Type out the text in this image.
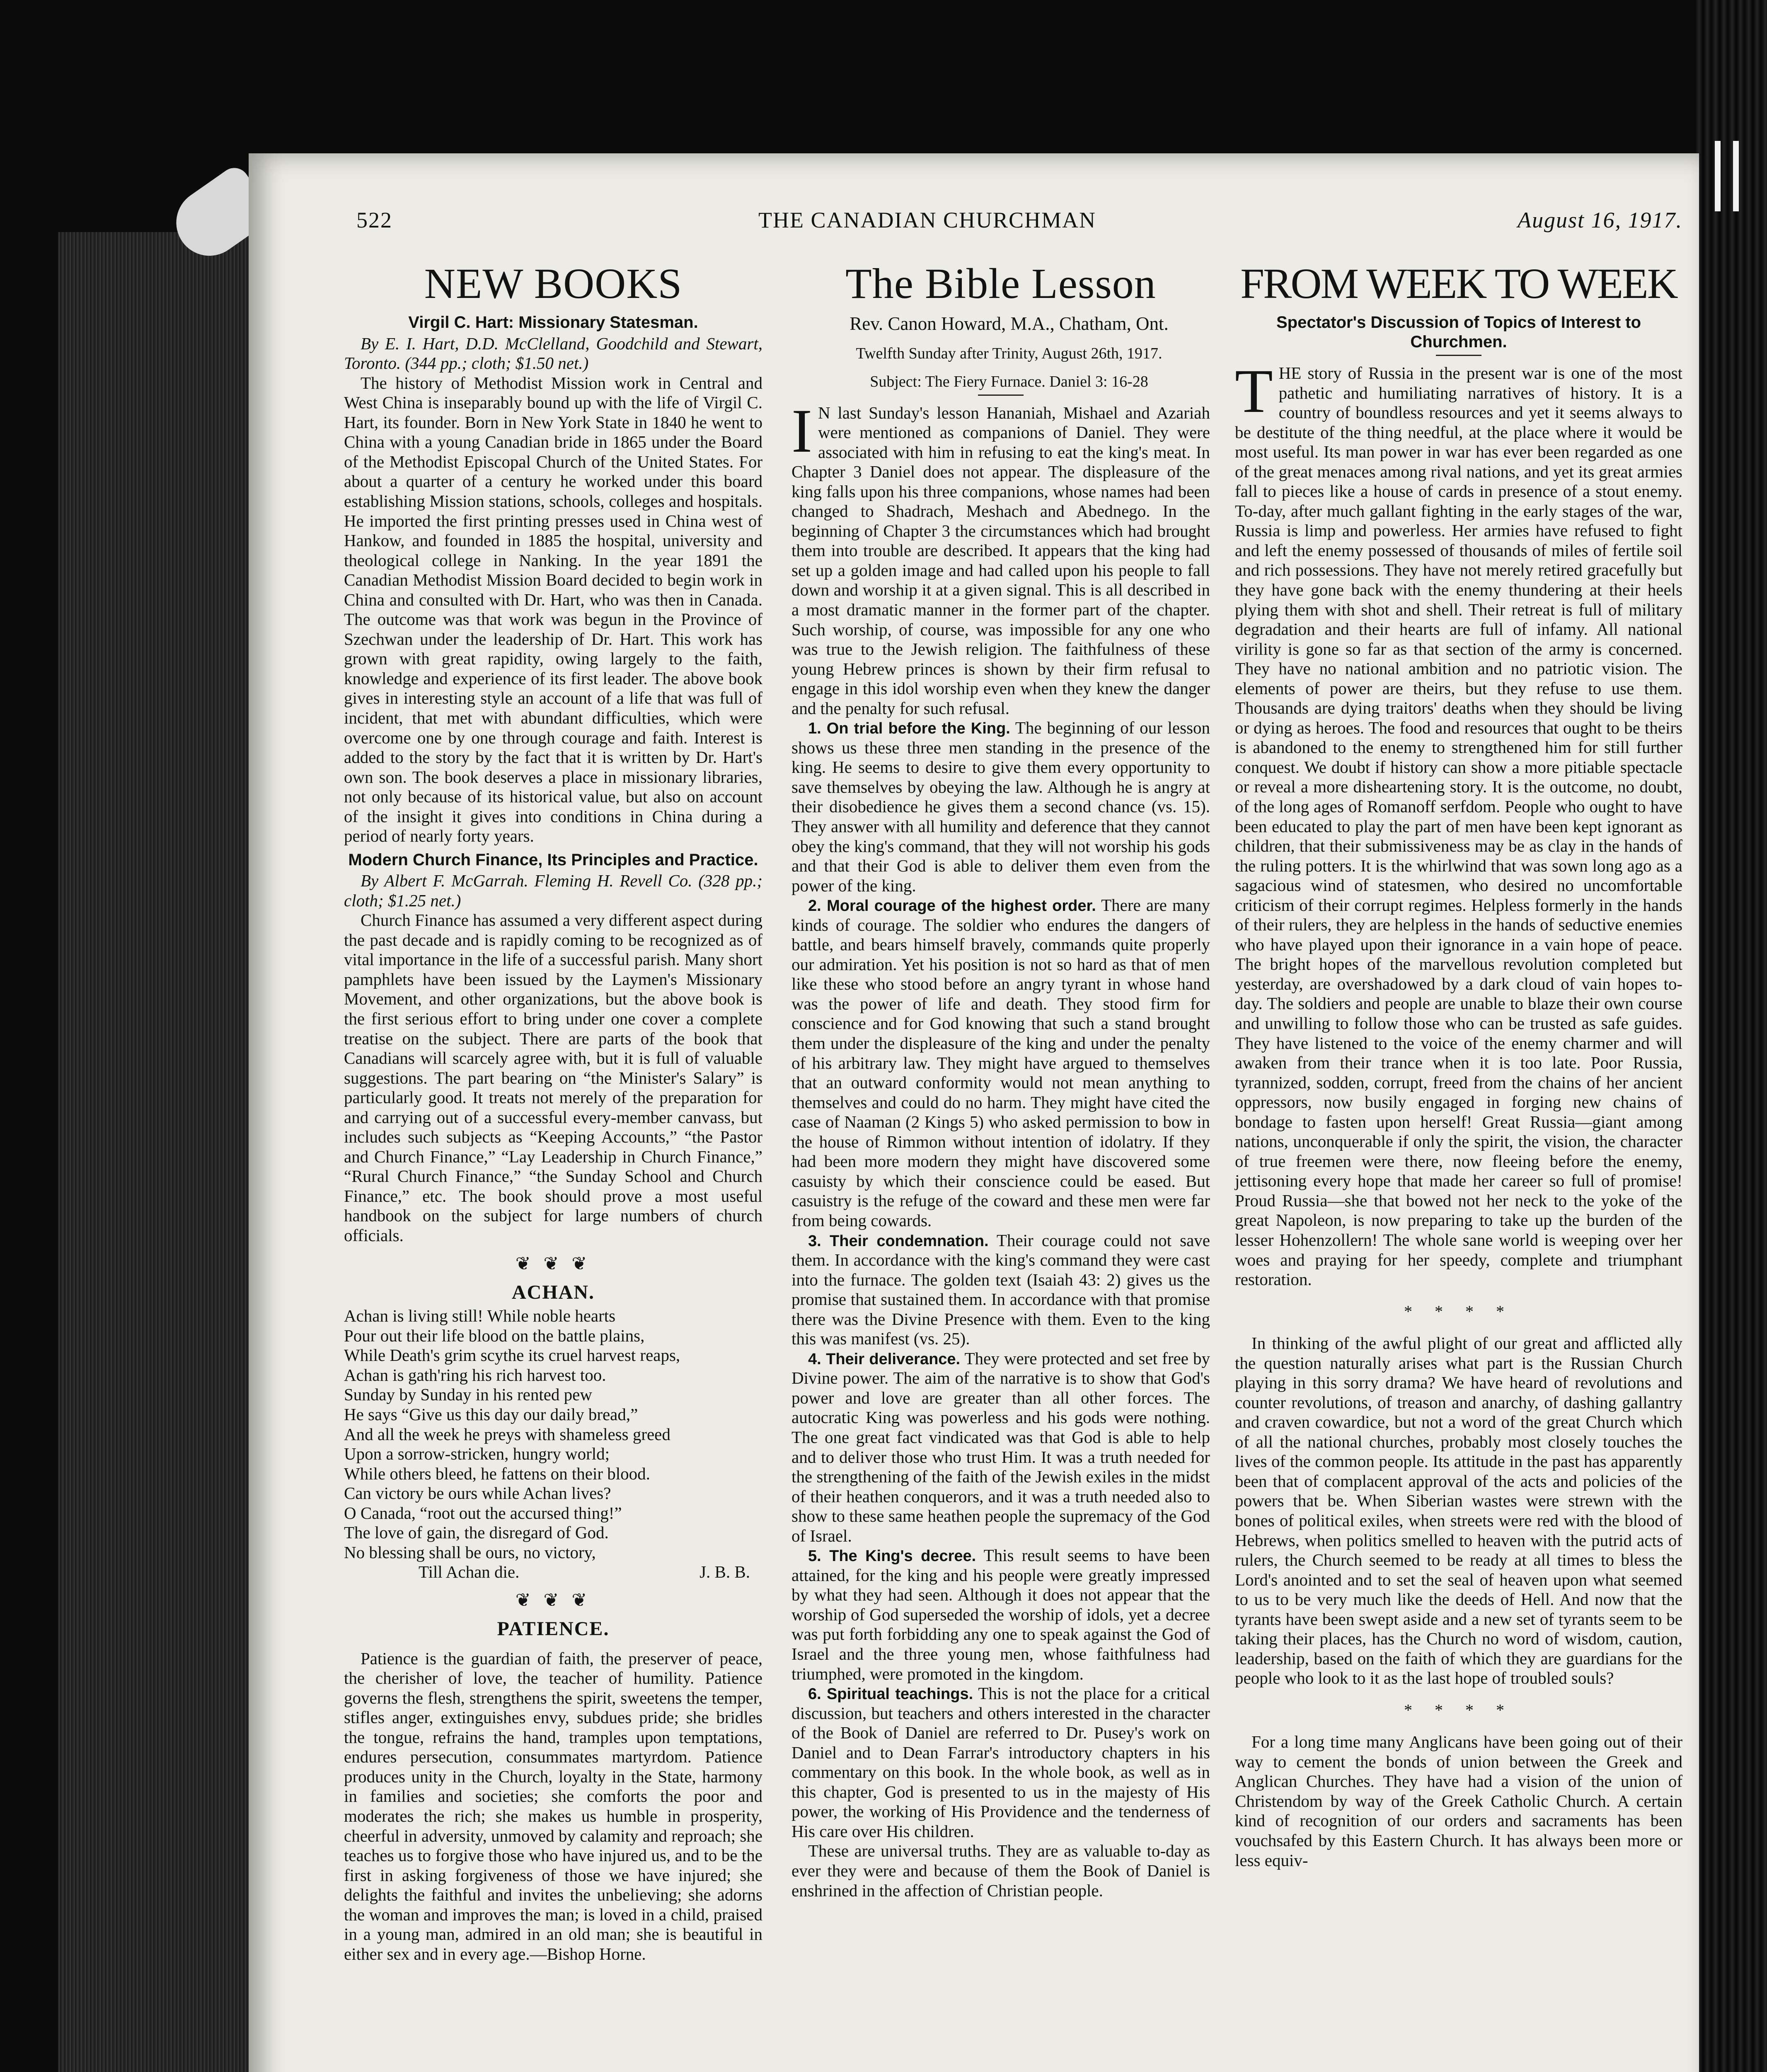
522	THE CANADIAN CHURCHMAN	August 16, 1917.
NEW BOOKS
Virgil C. Hart: Missionary Statesman.

By E. I. Hart, D.D. McClelland, Goodchild and Stewart, Toronto. (344 pp.; cloth; $1.50 net.)

The history of Methodist Mission work in Central and West China is inseparably bound up with the life of Virgil C. Hart, its founder. Born in New York State in 1840 he went to China with a young Canadian bride in 1865 under the Board of the Methodist Episcopal Church of the United States. For about a quarter of a century he worked under this board establishing Mission stations, schools, colleges and hospitals. He imported the first printing presses used in China west of Hankow, and founded in 1885 the hospital, university and theological college in Nanking. In the year 1891 the Canadian Methodist Mission Board decided to begin work in China and consulted with Dr. Hart, who was then in Canada. The outcome was that work was begun in the Province of Szechwan under the leadership of Dr. Hart. This work has grown with great rapidity, owing largely to the faith, knowledge and experience of its first leader. The above book gives in interesting style an account of a life that was full of incident, that met with abundant difficulties, which were overcome one by one through courage and faith. Interest is added to the story by the fact that it is written by Dr. Hart's own son. The book deserves a place in missionary libraries, not only because of its historical value, but also on account of the insight it gives into conditions in China during a period of nearly forty years.

Modern Church Finance, Its Principles and Practice.

By Albert F. McGarrah. Fleming H. Revell Co. (328 pp.; cloth; $1.25 net.)

Church Finance has assumed a very different aspect during the past decade and is rapidly coming to be recognized as of vital importance in the life of a successful parish. Many short pamphlets have been issued by the Laymen's Missionary Movement, and other organizations, but the above book is the first serious effort to bring under one cover a complete treatise on the subject. There are parts of the book that Canadians will scarcely agree with, but it is full of valuable suggestions. The part bearing on “the Minister's Salary” is particularly good. It treats not merely of the preparation for and carrying out of a successful every-member canvass, but includes such subjects as “Keeping Accounts,” “the Pastor and Church Finance,” “Lay Leadership in Church Finance,” “Rural Church Finance,” “the Sunday School and Church Finance,” etc. The book should prove a most useful handbook on the subject for large numbers of church officials.

❦ ❦ ❦
ACHAN.
Achan is living still! While noble hearts
Pour out their life blood on the battle plains,
While Death's grim scythe its cruel harvest reaps,
Achan is gath'ring his rich harvest too.
Sunday by Sunday in his rented pew
He says “Give us this day our daily bread,”
And all the week he preys with shameless greed
Upon a sorrow-stricken, hungry world;
While others bleed, he fattens on their blood.
Can victory be ours while Achan lives?
O Canada, “root out the accursed thing!”
The love of gain, the disregard of God.
No blessing shall be ours, no victory,
Till Achan die.	J. B. B.
❦ ❦ ❦
PATIENCE.

Patience is the guardian of faith, the preserver of peace, the cherisher of love, the teacher of humility. Patience governs the flesh, strengthens the spirit, sweetens the temper, stifles anger, extinguishes envy, subdues pride; she bridles the tongue, refrains the hand, tramples upon temptations, endures persecution, consummates martyrdom. Patience produces unity in the Church, loyalty in the State, harmony in families and societies; she comforts the poor and moderates the rich; she makes us humble in prosperity, cheerful in adversity, unmoved by calamity and reproach; she teaches us to forgive those who have injured us, and to be the first in asking forgiveness of those we have injured; she delights the faithful and invites the unbelieving; she adorns the woman and improves the man; is loved in a child, praised in a young man, admired in an old man; she is beautiful in either sex and in every age.—Bishop Horne.

The Bible Lesson

Rev. Canon Howard, M.A., Chatham, Ont.

Twelfth Sunday after Trinity, August 26th, 1917.

Subject: The Fiery Furnace. Daniel 3: 16-28

I N last Sunday's lesson Hananiah, Mishael and Azariah were mentioned as companions of Daniel. They were associated with him in refusing to eat the king's meat. In Chapter 3 Daniel does not appear. The displeasure of the king falls upon his three companions, whose names had been changed to Shadrach, Meshach and Abednego. In the beginning of Chapter 3 the circumstances which had brought them into trouble are described. It appears that the king had set up a golden image and had called upon his people to fall down and worship it at a given signal. This is all described in a most dramatic manner in the former part of the chapter. Such worship, of course, was impossible for any one who was true to the Jewish religion. The faithfulness of these young Hebrew princes is shown by their firm refusal to engage in this idol worship even when they knew the danger and the penalty for such refusal.

1. On trial before the King. The beginning of our lesson shows us these three men standing in the presence of the king. He seems to desire to give them every opportunity to save themselves by obeying the law. Although he is angry at their disobedience he gives them a second chance (vs. 15). They answer with all humility and deference that they cannot obey the king's command, that they will not worship his gods and that their God is able to deliver them even from the power of the king.

2. Moral courage of the highest order. There are many kinds of courage. The soldier who endures the dangers of battle, and bears himself bravely, commands quite properly our admiration. Yet his position is not so hard as that of men like these who stood before an angry tyrant in whose hand was the power of life and death. They stood firm for conscience and for God knowing that such a stand brought them under the displeasure of the king and under the penalty of his arbitrary law. They might have argued to themselves that an outward conformity would not mean anything to themselves and could do no harm. They might have cited the case of Naaman (2 Kings 5) who asked permission to bow in the house of Rimmon without intention of idolatry. If they had been more modern they might have discovered some casuisty by which their conscience could be eased. But casuistry is the refuge of the coward and these men were far from being cowards.

3. Their condemnation. Their courage could not save them. In accordance with the king's command they were cast into the furnace. The golden text (Isaiah 43: 2) gives us the promise that sustained them. In accordance with that promise there was the Divine Presence with them. Even to the king this was manifest (vs. 25).

4. Their deliverance. They were protected and set free by Divine power. The aim of the narrative is to show that God's power and love are greater than all other forces. The autocratic King was powerless and his gods were nothing. The one great fact vindicated was that God is able to help and to deliver those who trust Him. It was a truth needed for the strengthening of the faith of the Jewish exiles in the midst of their heathen conquerors, and it was a truth needed also to show to these same heathen people the supremacy of the God of Israel.

5. The King's decree. This result seems to have been attained, for the king and his people were greatly impressed by what they had seen. Although it does not appear that the worship of God superseded the worship of idols, yet a decree was put forth forbidding any one to speak against the God of Israel and the three young men, whose faithfulness had triumphed, were promoted in the kingdom.

6. Spiritual teachings. This is not the place for a critical discussion, but teachers and others interested in the character of the Book of Daniel are referred to Dr. Pusey's work on Daniel and to Dean Farrar's introductory chapters in his commentary on this book. In the whole book, as well as in this chapter, God is presented to us in the majesty of His power, the working of His Providence and the tenderness of His care over His children.

These are universal truths. They are as valuable to-day as ever they were and because of them the Book of Daniel is enshrined in the affection of Christian people.

FROM WEEK TO WEEK
Spectator's Discussion of Topics of Interest to Churchmen.

THE story of Russia in the present war is one of the most pathetic and humiliating narratives of history. It is a country of boundless resources and yet it seems always to be destitute of the thing needful, at the place where it would be most useful. Its man power in war has ever been regarded as one of the great menaces among rival nations, and yet its great armies fall to pieces like a house of cards in presence of a stout enemy. To-day, after much gallant fighting in the early stages of the war, Russia is limp and powerless. Her armies have refused to fight and left the enemy possessed of thousands of miles of fertile soil and rich possessions. They have not merely retired gracefully but they have gone back with the enemy thundering at their heels plying them with shot and shell. Their retreat is full of military degradation and their hearts are full of infamy. All national virility is gone so far as that section of the army is concerned. They have no national ambition and no patriotic vision. The elements of power are theirs, but they refuse to use them. Thousands are dying traitors' deaths when they should be living or dying as heroes. The food and resources that ought to be theirs is abandoned to the enemy to strengthened him for still further conquest. We doubt if history can show a more pitiable spectacle or reveal a more disheartening story. It is the outcome, no doubt, of the long ages of Romanoff serfdom. People who ought to have been educated to play the part of men have been kept ignorant as children, that their submissiveness may be as clay in the hands of the ruling potters. It is the whirlwind that was sown long ago as a sagacious wind of statesmen, who desired no uncomfortable criticism of their corrupt regimes. Helpless formerly in the hands of their rulers, they are helpless in the hands of seductive enemies who have played upon their ignorance in a vain hope of peace. The bright hopes of the marvellous revolution completed but yesterday, are overshadowed by a dark cloud of vain hopes to-day. The soldiers and people are unable to blaze their own course and unwilling to follow those who can be trusted as safe guides. They have listened to the voice of the enemy charmer and will awaken from their trance when it is too late. Poor Russia, tyrannized, sodden, corrupt, freed from the chains of her ancient oppressors, now busily engaged in forging new chains of bondage to fasten upon herself! Great Russia—giant among nations, unconquerable if only the spirit, the vision, the character of true freemen were there, now fleeing before the enemy, jettisoning every hope that made her career so full of promise! Proud Russia—she that bowed not her neck to the yoke of the great Napoleon, is now preparing to take up the burden of the lesser Hohenzollern! The whole sane world is weeping over her woes and praying for her speedy, complete and triumphant restoration.

* * * *

In thinking of the awful plight of our great and afflicted ally the question naturally arises what part is the Russian Church playing in this sorry drama? We have heard of revolutions and counter revolutions, of treason and anarchy, of dashing gallantry and craven cowardice, but not a word of the great Church which of all the national churches, probably most closely touches the lives of the common people. Its attitude in the past has apparently been that of complacent approval of the acts and policies of the powers that be. When Siberian wastes were strewn with the bones of political exiles, when streets were red with the blood of Hebrews, when politics smelled to heaven with the putrid acts of rulers, the Church seemed to be ready at all times to bless the Lord's anointed and to set the seal of heaven upon what seemed to us to be very much like the deeds of Hell. And now that the tyrants have been swept aside and a new set of tyrants seem to be taking their places, has the Church no word of wisdom, caution, leadership, based on the faith of which they are guardians for the people who look to it as the last hope of troubled souls?

* * * *

For a long time many Anglicans have been going out of their way to cement the bonds of union between the Greek and Anglican Churches. They have had a vision of the union of Christendom by way of the Greek Catholic Church. A certain kind of recognition of our orders and sacraments has been vouchsafed by this Eastern Church. It has always been more or less equiv-
